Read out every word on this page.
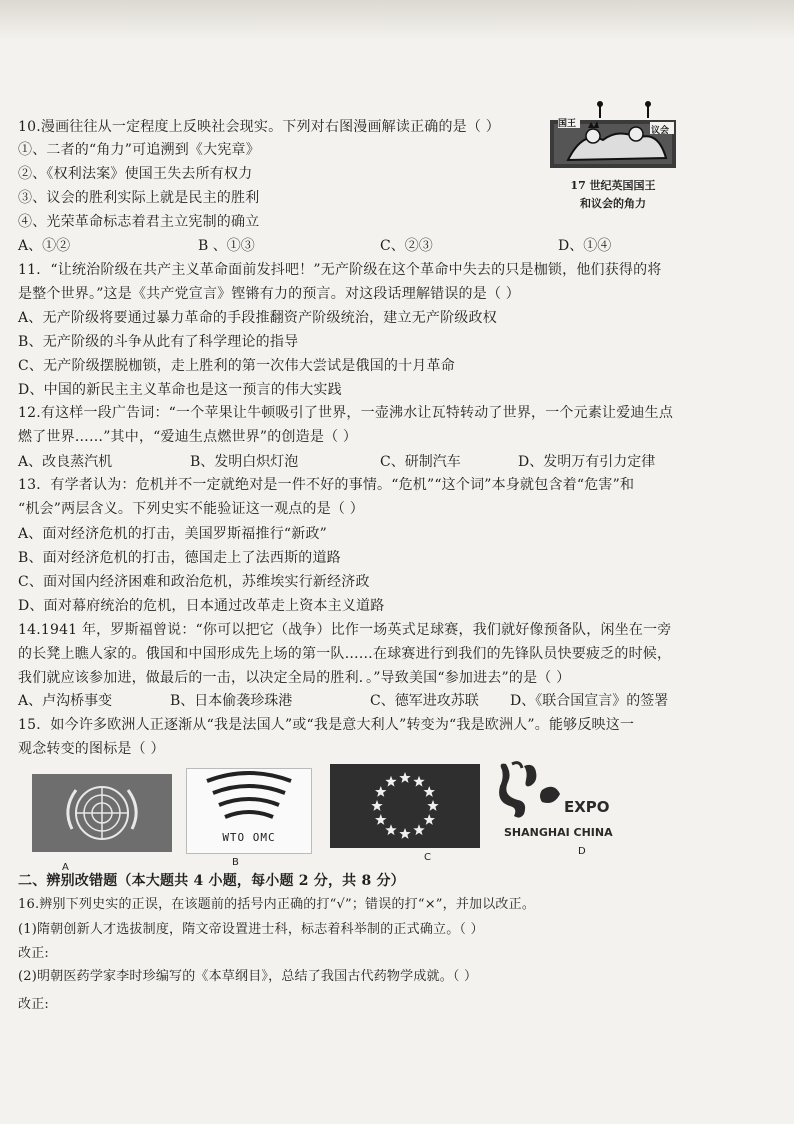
10.漫画往往从一定程度上反映社会现实。下列对右图漫画解读正确的是（ ）
①、二者的“角力”可追溯到《大宪章》
②、《权利法案》使国王失去所有权力
③、议会的胜利实际上就是民主的胜利
④、光荣革命标志着君主立宪制的确立
A、①②	B 、①③	C、②③	D、①④
国王
议会
17 世纪英国国王
和议会的角力
11．“让统治阶级在共产主义革命面前发抖吧！”无产阶级在这个革命中失去的只是枷锁，他们获得的将
是整个世界。”这是《共产党宣言》铿锵有力的预言。对这段话理解错误的是（ ）
A、无产阶级将要通过暴力革命的手段推翻资产阶级统治，建立无产阶级政权
B、无产阶级的斗争从此有了科学理论的指导
C、无产阶级摆脱枷锁，走上胜利的第一次伟大尝试是俄国的十月革命
D、中国的新民主主义革命也是这一预言的伟大实践
12.有这样一段广告词：“一个苹果让牛顿吸引了世界，一壶沸水让瓦特转动了世界，一个元素让爱迪生点
燃了世界……”其中，“爱迪生点燃世界”的创造是（ ）
A、改良蒸汽机	B、发明白炽灯泡	C、研制汽车	D、发明万有引力定律
13．有学者认为：危机并不一定就绝对是一件不好的事情。“危机”“这个词”本身就包含着“危害”和
“机会”两层含义。下列史实不能验证这一观点的是（ ）
A、面对经济危机的打击，美国罗斯福推行“新政”
B、面对经济危机的打击，德国走上了法西斯的道路
C、面对国内经济困难和政治危机，苏维埃实行新经济政
D、面对幕府统治的危机，日本通过改革走上资本主义道路
14.1941 年，罗斯福曾说：“你可以把它（战争）比作一场英式足球赛，我们就好像预备队，闲坐在一旁
的长凳上瞧人家的。俄国和中国形成先上场的第一队……在球赛进行到我们的先锋队员快要疲乏的时候，
我们就应该参加进，做最后的一击，以决定全局的胜利．。”导致美国“参加进去”的是（ ）
A、卢沟桥事变	B、日本偷袭珍珠港	C、德军进攻苏联 D、《联合国宣言》的签署
15．如今许多欧洲人正逐渐从“我是法国人”或“我是意大利人”转变为“我是欧洲人”。能够反映这一
观念转变的图标是（ ）
A
WTO OMC
B	C
EXPO
SHANGHAI CHINA
D
二、辨别改错题（本大题共 4 小题，每小题 2 分，共 8 分）
16.辨别下列史实的正误，在该题前的括号内正确的打“√”；错误的打“×”，并加以改正。
(1)隋朝创新人才选拔制度，隋文帝设置进士科，标志着科举制的正式确立。（ ）
改正:
(2)明朝医药学家李时珍编写的《本草纲目》，总结了我国古代药物学成就。（ ）
改正:
